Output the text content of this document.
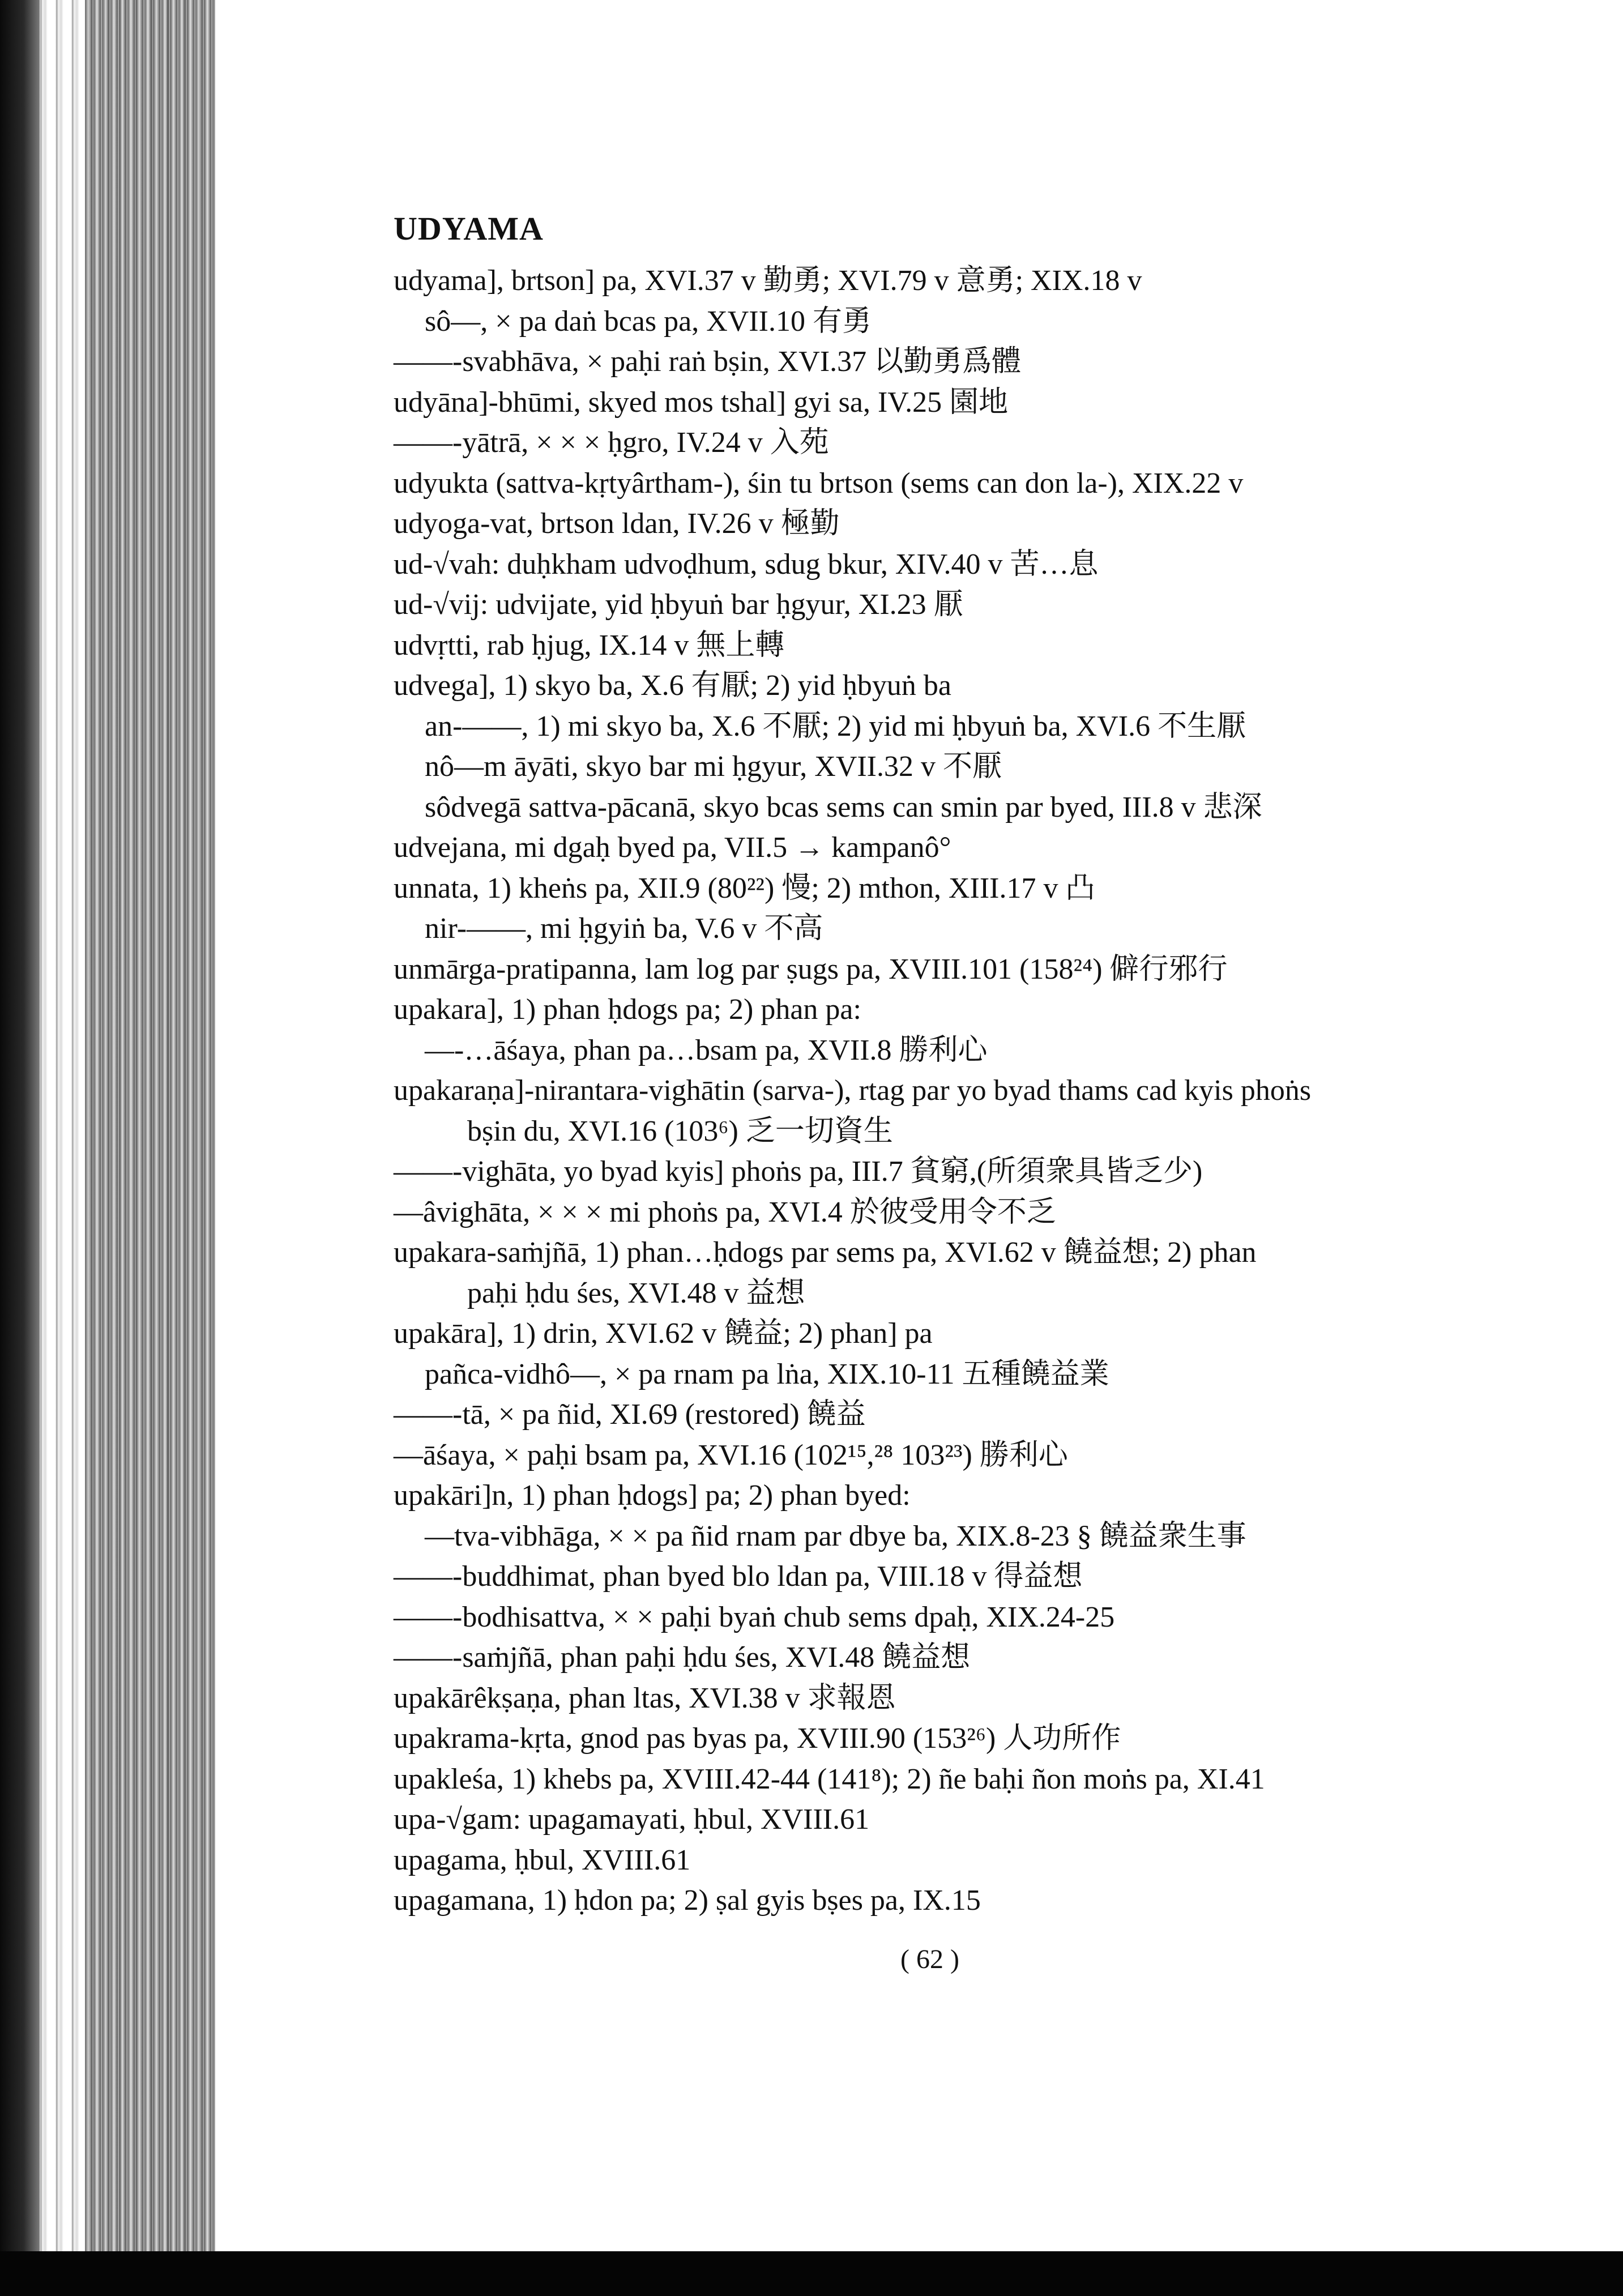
UDYAMA
udyama], brtson] pa, XVI.37 v 勤勇; XVI.79 v 意勇; XIX.18 v
sô—, × pa daṅ bcas pa, XVII.10 有勇
——-svabhāva, × paḥi raṅ bṣin, XVI.37 以勤勇爲體
udyāna]-bhūmi, skyed mos tshal] gyi sa, IV.25 園地
——-yātrā, × × × ḥgro, IV.24 v 入苑
udyukta (sattva-kṛtyârtham-), śin tu brtson (sems can don la-), XIX.22 v
udyoga-vat, brtson ldan, IV.26 v 極勤
ud-√vah: duḥkham udvoḍhum, sdug bkur, XIV.40 v 苦…息
ud-√vij: udvijate, yid ḥbyuṅ bar ḥgyur, XI.23 厭
udvṛtti, rab ḥjug, IX.14 v 無上轉
udvega], 1) skyo ba, X.6 有厭; 2) yid ḥbyuṅ ba
an-——, 1) mi skyo ba, X.6 不厭; 2) yid mi ḥbyuṅ ba, XVI.6 不生厭
nô—m āyāti, skyo bar mi ḥgyur, XVII.32 v 不厭
sôdvegā sattva-pācanā, skyo bcas sems can smin par byed, III.8 v 悲深
udvejana, mi dgaḥ byed pa, VII.5 → kampanô°
unnata, 1) kheṅs pa, XII.9 (80²²) 慢; 2) mthon, XIII.17 v 凸
nir-——, mi ḥgyiṅ ba, V.6 v 不高
unmārga-pratipanna, lam log par ṣugs pa, XVIII.101 (158²⁴) 僻行邪行
upakara], 1) phan ḥdogs pa; 2) phan pa:
—-…āśaya, phan pa…bsam pa, XVII.8 勝利心
upakaraṇa]-nirantara-vighātin (sarva-), rtag par yo byad thams cad kyis phoṅs
bṣin du, XVI.16 (103⁶) 乏一切資生
——-vighāta, yo byad kyis] phoṅs pa, III.7 貧窮,(所須衆具皆乏少)
—âvighāta, × × × mi phoṅs pa, XVI.4 於彼受用令不乏
upakara-saṁjñā, 1) phan…ḥdogs par sems pa, XVI.62 v 饒益想; 2) phan
paḥi ḥdu śes, XVI.48 v 益想
upakāra], 1) drin, XVI.62 v 饒益; 2) phan] pa
pañca-vidhô—, × pa rnam pa lṅa, XIX.10-11 五種饒益業
——-tā, × pa ñid, XI.69 (restored) 饒益
—āśaya, × paḥi bsam pa, XVI.16 (102¹⁵,²⁸ 103²³) 勝利心
upakāri]n, 1) phan ḥdogs] pa; 2) phan byed:
—tva-vibhāga, × × pa ñid rnam par dbye ba, XIX.8-23 § 饒益衆生事
——-buddhimat, phan byed blo ldan pa, VIII.18 v 得益想
——-bodhisattva, × × paḥi byaṅ chub sems dpaḥ, XIX.24-25
——-saṁjñā, phan paḥi ḥdu śes, XVI.48 饒益想
upakārêkṣaṇa, phan ltas, XVI.38 v 求報恩
upakrama-kṛta, gnod pas byas pa, XVIII.90 (153²⁶) 人功所作
upakleśa, 1) khebs pa, XVIII.42-44 (141⁸); 2) ñe baḥi ñon moṅs pa, XI.41
upa-√gam: upagamayati, ḥbul, XVIII.61
upagama, ḥbul, XVIII.61
upagamana, 1) ḥdon pa; 2) ṣal gyis bṣes pa, IX.15
( 62 )
